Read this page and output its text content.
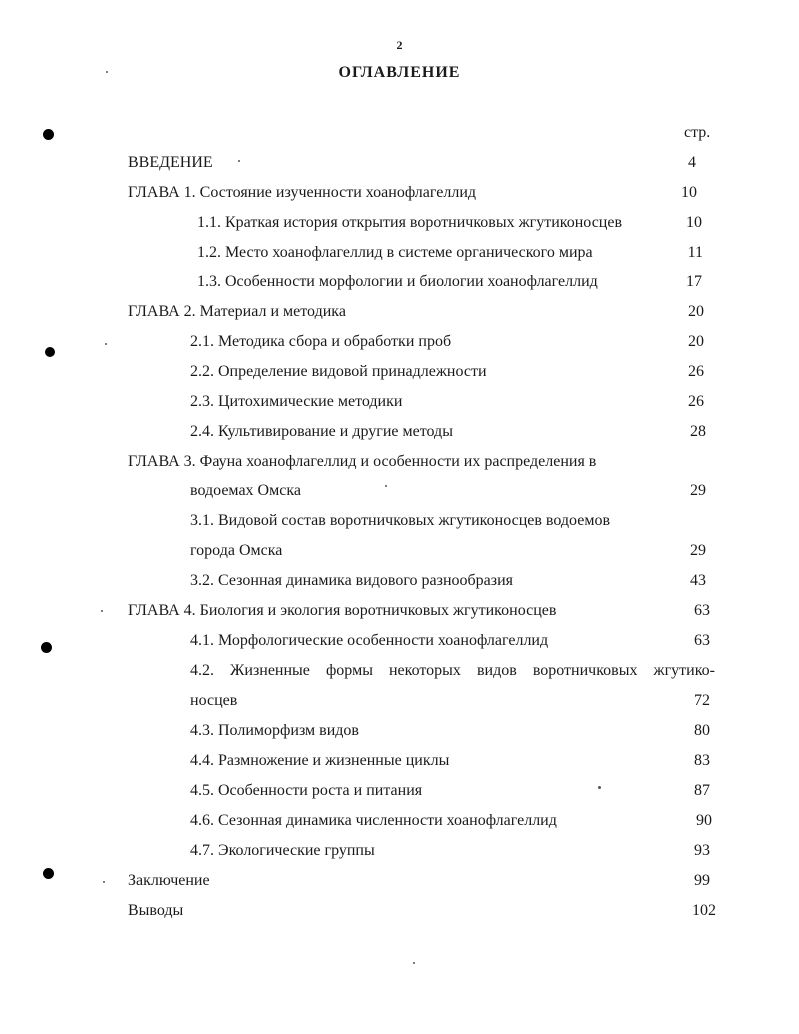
2
ОГЛАВЛЕНИЕ
стр.
ВВЕДЕНИЕ	4
ГЛАВА 1. Состояние изученности хоанофлагеллид	10
1.1. Краткая история открытия воротничковых жгутиконосцев	10
1.2. Место хоанофлагеллид в системе органического мира	11
1.3. Особенности морфологии и биологии хоанофлагеллид	17
ГЛАВА 2. Материал и методика	20
2.1. Методика сбора и обработки проб	20
2.2. Определение видовой принадлежности	26
2.3. Цитохимические методики	26
2.4. Культивирование и другие методы	28
ГЛАВА 3. Фауна хоанофлагеллид и особенности их распределения в
водоемах Омска	29
3.1. Видовой состав воротничковых жгутиконосцев водоемов
города Омска	29
3.2. Сезонная динамика видового разнообразия	43
ГЛАВА 4. Биология и экология воротничковых жгутиконосцев	63
4.1. Морфологические особенности хоанофлагеллид	63
4.2. Жизненные формы некоторых видов воротничковых жгутико-
носцев	72
4.3. Полиморфизм видов	80
4.4. Размножение и жизненные циклы	83
4.5. Особенности роста и питания	87
4.6. Сезонная динамика численности хоанофлагеллид	90
4.7. Экологические группы	93
Заключение	99
Выводы	102
